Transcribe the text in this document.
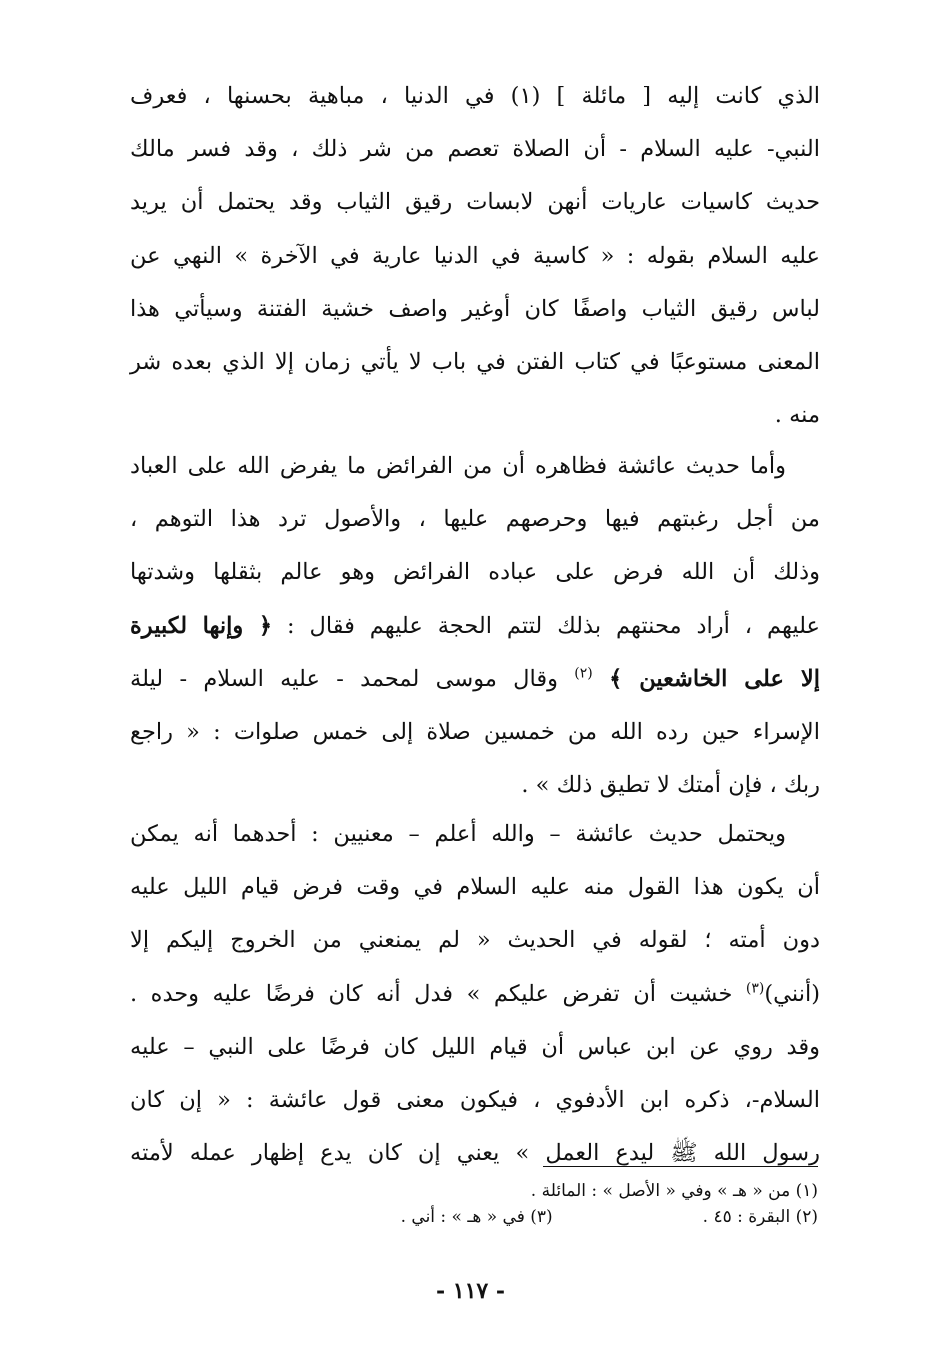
الذي كانت إليه [ مائلة ] (١) في الدنيا ، مباهية بحسنها ، فعرف
النبي- عليه السلام - أن الصلاة تعصم من شر ذلك ، وقد فسر مالك
حديث كاسيات عاريات أنهن لابسات رقيق الثياب وقد يحتمل أن يريد
عليه السلام بقوله : « كاسية في الدنيا عارية في الآخرة » النهي عن
لباس رقيق الثياب واصفًا كان أوغير واصف خشية الفتنة وسيأتي هذا
المعنى مستوعبًا في كتاب الفتن في باب لا يأتي زمان إلا الذي بعده شر
منه .
وأما حديث عائشة فظاهره أن من الفرائض ما يفرض الله على العباد
من أجل رغبتهم فيها وحرصهم عليها ، والأصول ترد هذا التوهم ،
وذلك أن الله فرض على عباده الفرائض وهو عالم بثقلها وشدتها
عليهم ، أراد محنتهم بذلك لتتم الحجة عليهم فقال : ﴿ وإنها لكبيرة
إلا على الخاشعين ﴾ $^{(٢)}$ وقال موسى لمحمد - عليه السلام - ليلة
الإسراء حين رده الله من خمسين صلاة إلى خمس صلوات : « راجع
ربك ، فإن أمتك لا تطيق ذلك » .
ويحتمل حديث عائشة – والله أعلم – معنيين : أحدهما أنه يمكن
أن يكون هذا القول منه عليه السلام في وقت فرض قيام الليل عليه
دون أمته ؛ لقوله في الحديث « لم يمنعني من الخروج إليكم إلا
(أنني)$^{(٣)}$ خشيت أن تفرض عليكم » فدل أنه كان فرضًا عليه وحده .
وقد روي عن ابن عباس أن قيام الليل كان فرضًا على النبي – عليه
السلام-، ذكره ابن الأدفوي ، فيكون معنى قول عائشة : « إن كان
رسول الله ﷺ ليدع العمل » يعني إن كان يدع إظهار عمله لأمته
(١) من « هـ » وفي « الأصل » : المائلة .
(٢) البقرة : ٤٥ .(٣) في « هـ » : أني .
- ١١٧ -
